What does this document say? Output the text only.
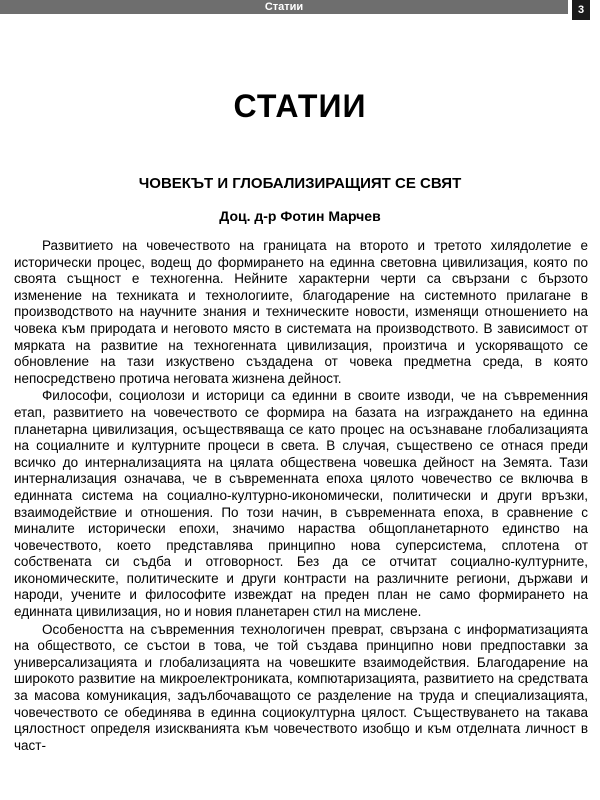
Статии	3
СТАТИИ
ЧОВЕКЪТ И ГЛОБАЛИЗИРАЩИЯТ СЕ СВЯТ
Доц. д-р Фотин Марчев

Развитието на човечеството на границата на второто и третото хилядолетие е исторически процес, водещ до формирането на единна световна цивилизация, която по своята същност е техногенна. Нейните характерни черти са свързани с бързото изменение на техниката и технологиите, благодарение на системното прилагане в производството на научните знания и техническите новости, изменящи отношението на човека към природата и неговото място в системата на производството. В зависимост от мярката на развитие на техногенната цивилизация, произтича и ускоряващото се обновление на тази изкуствено създадена от човека предметна среда, в която непосредствено протича неговата жизнена дейност.

Философи, социолози и историци са единни в своите изводи, че на съвременния етап, развитието на човечеството се формира на базата на изграждането на единна планетарна цивилизация, осъществяваща се като процес на осъзнаване глобализацията на социалните и културните процеси в света. В случая, съществено се отнася преди всичко до интернализацията на цялата обществена човешка дейност на Земята. Тази интернализация означава, че в съвременната епоха цялото човечество се включва в единната система на социално-културно-икономически, политически и други връзки, взаимодействие и отношения. По този начин, в съвременната епоха, в сравнение с миналите исторически епохи, значимо нараства общопланетарното единство на човечеството, което представлява принципно нова суперсистема, сплотена от собствената си съдба и отговорност. Без да се отчитат социално-културните, икономическите, политическите и други контрасти на различните региони, държави и народи, учените и философите извеждат на преден план не само формирането на единната цивилизация, но и новия планетарен стил на мислене.

Особеността на съвременния технологичен преврат, свързана с информатизацията на обществото, се състои в това, че той създава принципно нови предпоставки за универсализацията и глобализацията на човешките взаимодействия. Благодарение на широкото развитие на микроелектрониката, компютаризацията, развитието на средствата за масова комуникация, задълбочаващото се разделение на труда и специализацията, човечеството се обединява в единна социокултурна цялост. Съществуването на такава цялостност определя изискванията към човечеството изобщо и към отделната личност в част-
